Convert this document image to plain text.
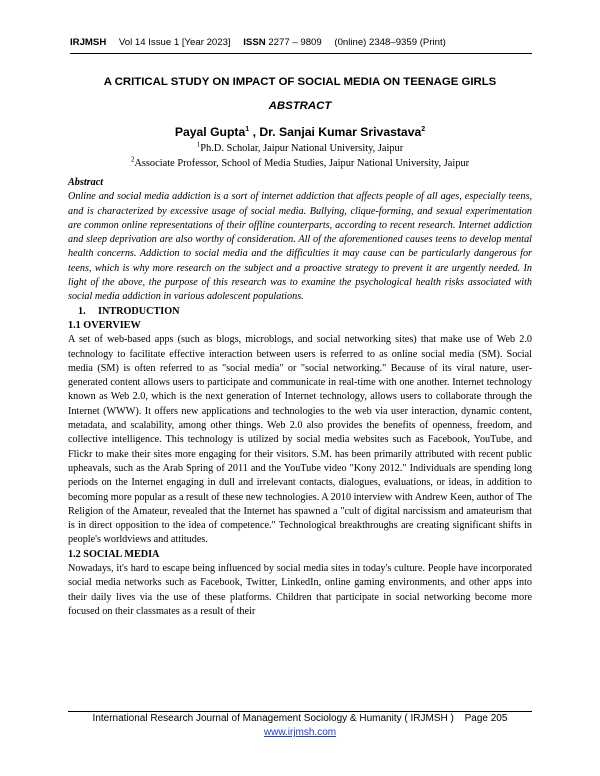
IRJMSH Vol 14 Issue 1 [Year 2023] ISSN 2277 – 9809 (0nline) 2348–9359 (Print)
A CRITICAL STUDY ON IMPACT OF SOCIAL MEDIA ON TEENAGE GIRLS
ABSTRACT
Payal Gupta$^1$ , Dr. Sanjai Kumar Srivastava$^2$
$^1$Ph.D. Scholar, Jaipur National University, Jaipur
$^2$Associate Professor, School of Media Studies, Jaipur National University, Jaipur

Abstract

Online and social media addiction is a sort of internet addiction that affects people of all ages, especially teens, and is characterized by excessive usage of social media. Bullying, clique-forming, and sexual experimentation are common online representations of their offline counterparts, according to recent research. Internet addiction and sleep deprivation are also worthy of consideration. All of the aforementioned causes teens to develop mental health concerns. Addiction to social media and the difficulties it may cause can be particularly dangerous for teens, which is why more research on the subject and a proactive strategy to prevent it are urgently needed. In light of the above, the purpose of this research was to examine the psychological health risks associated with social media addiction in various adolescent populations.

1. INTRODUCTION

1.1 OVERVIEW

A set of web-based apps (such as blogs, microblogs, and social networking sites) that make use of Web 2.0 technology to facilitate effective interaction between users is referred to as online social media (SM). Social media (SM) is often referred to as "social media" or "social networking." Because of its viral nature, user-generated content allows users to participate and communicate in real-time with one another. Internet technology known as Web 2.0, which is the next generation of Internet technology, allows users to collaborate through the Internet (WWW). It offers new applications and technologies to the web via user interaction, dynamic content, metadata, and scalability, among other things. Web 2.0 also provides the benefits of openness, freedom, and collective intelligence. This technology is utilized by social media websites such as Facebook, YouTube, and Flickr to make their sites more engaging for their visitors. S.M. has been primarily attributed with recent public upheavals, such as the Arab Spring of 2011 and the YouTube video "Kony 2012." Individuals are spending long periods on the Internet engaging in dull and irrelevant contacts, dialogues, evaluations, or ideas, in addition to becoming more popular as a result of these new technologies. A 2010 interview with Andrew Keen, author of The Religion of the Amateur, revealed that the Internet has spawned a "cult of digital narcissism and amateurism that is in direct opposition to the idea of competence." Technological breakthroughs are creating significant shifts in people's worldviews and attitudes.

1.2 SOCIAL MEDIA

Nowadays, it's hard to escape being influenced by social media sites in today's culture. People have incorporated social media networks such as Facebook, Twitter, LinkedIn, online gaming environments, and other apps into their daily lives via the use of these platforms. Children that participate in social networking become more focused on their classmates as a result of their

International Research Journal of Management Sociology & Humanity ( IRJMSH ) Page 205
www.irjmsh.com
